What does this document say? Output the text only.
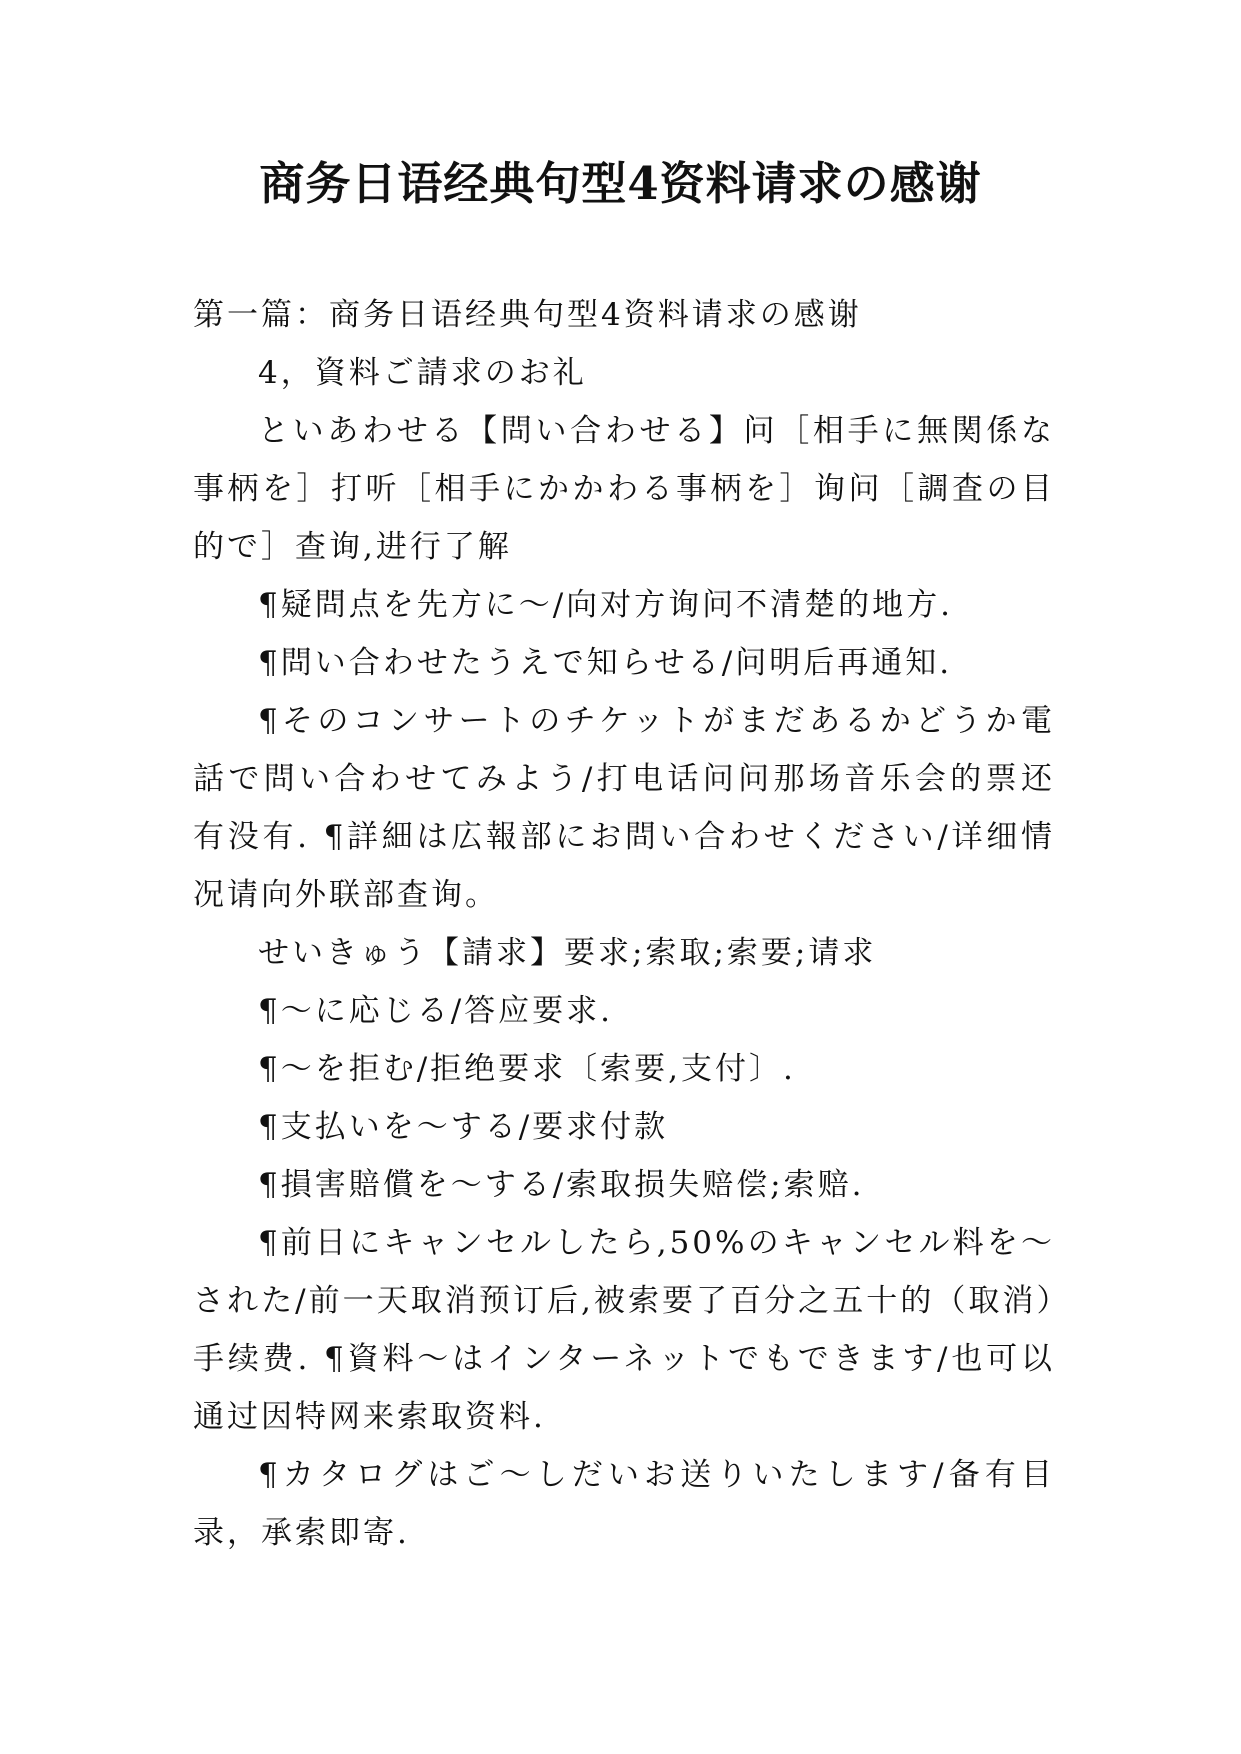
商务日语经典句型4资料请求の感谢

第一篇：商务日语经典句型4资料请求の感谢

4，資料ご請求のお礼

といあわせる【問い合わせる】问［相手に無関係な事柄を］打听［相手にかかわる事柄を］询问［調査の目的で］查询,进行了解

¶疑問点を先方に～/向对方询问不清楚的地方.

¶問い合わせたうえで知らせる/问明后再通知.

¶そのコンサートのチケットがまだあるかどうか電話で問い合わせてみよう/打电话问问那场音乐会的票还有没有. ¶詳細は広報部にお問い合わせください/详细情况请向外联部查询。

せいきゅう【請求】要求;索取;索要;请求

¶～に応じる/答应要求.

¶～を拒む/拒绝要求〔索要,支付〕.

¶支払いを～する/要求付款

¶損害賠償を～する/索取损失赔偿;索赔.

¶前日にキャンセルしたら,50%のキャンセル料を～された/前一天取消预订后,被索要了百分之五十的（取消）手续费. ¶資料～はインターネットでもできます/也可以通过因特网来索取资料.

¶カタログはご～しだいお送りいたします/备有目录，承索即寄.
